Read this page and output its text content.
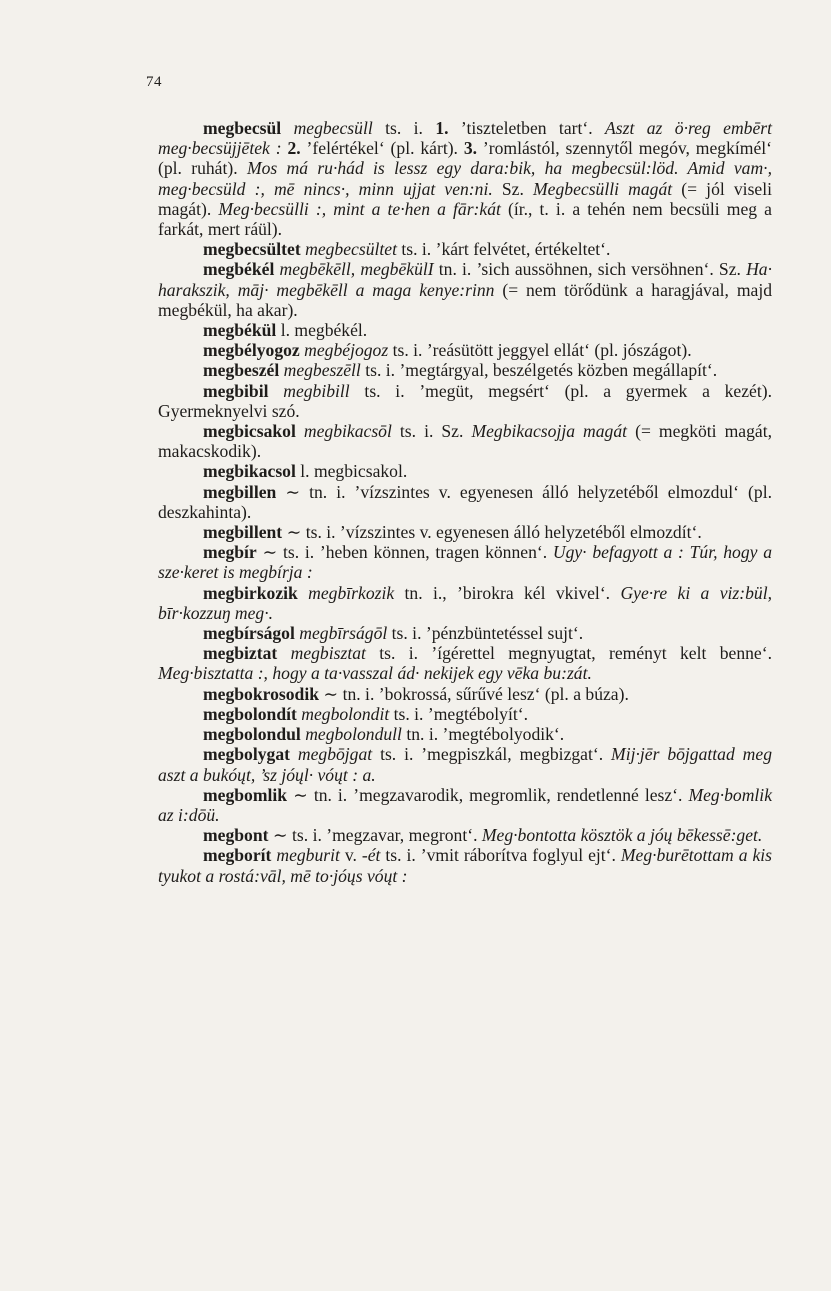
74

megbecsül megbecsüll ts. i. 1. ’tiszteletben tart‘. Aszt az ö·reg embērt meg·becsüjjētek : 2. ’felértékel‘ (pl. kárt). 3. ’romlástól, szennytől megóv, megkímél‘ (pl. ruhát). Mos má ru·hád is lessz egy dara:bik, ha megbecsül:löd. Amid vam·, meg·becsüld :, mē nincs·, minn ujjat ven:ni. Sz. Megbecsülli magát (= jól viseli magát). Meg·becsülli :, mint a te·hen a fār:kát (ír., t. i. a tehén nem becsüli meg a farkát, mert ráül).

megbecsültet megbecsültet ts. i. ’kárt felvétet, értékeltet‘.

megbékél megbēkēll, megbēkülI tn. i. ’sich aussöhnen, sich versöhnen‘. Sz. Ha· harakszik, māj· megbēkēll a maga kenye:rinn (= nem törődünk a haragjával, majd megbékül, ha akar).

megbékül l. megbékél.

megbélyogoz megbéjogoz ts. i. ’reásütött jeggyel ellát‘ (pl. jószágot).

megbeszél megbeszēll ts. i. ’megtárgyal, beszélgetés közben megállapít‘.

megbibil megbibill ts. i. ’megüt, megsért‘ (pl. a gyermek a kezét). Gyermeknyelvi szó.

megbicsakol megbikacsōl ts. i. Sz. Megbikacsojja magát (= megköti magát, makacskodik).

megbikacsol l. megbicsakol.

megbillen ∼ tn. i. ’vízszintes v. egyenesen álló helyzetéből elmozdul‘ (pl. deszkahinta).

megbillent ∼ ts. i. ’vízszintes v. egyenesen álló helyzetéből elmozdít‘.

megbír ∼ ts. i. ’heben können, tragen können‘. Ugy· befagyott a : Túr, hogy a sze·keret is megbírja :

megbirkozik megbīrkozik tn. i., ’birokra kél vkivel‘. Gye·re ki a viz:bül, bīr·kozzuŋ meg·.

megbírságol megbīrságōl ts. i. ’pénzbüntetéssel sujt‘.

megbiztat megbisztat ts. i. ’ígérettel megnyugtat, reményt kelt benne‘. Meg·bisztatta :, hogy a ta·vasszal ád· nekijek egy vēka bu:zát.

megbokrosodik ∼ tn. i. ’bokrossá, sűrűvé lesz‘ (pl. a búza).

megbolondít megbolondit ts. i. ’megtébolyít‘.

megbolondul megbolondull tn. i. ’megtébolyodik‘.

megbolygat megbōjgat ts. i. ’megpiszkál, megbizgat‘. Mij·jēr bōjgattad meg aszt a bukóųt, ’sz jóųl· vóųt : a.

megbomlik ∼ tn. i. ’megzavarodik, megromlik, rendetlenné lesz‘. Meg·bomlik az i:dōü.

megbont ∼ ts. i. ’megzavar, megront‘. Meg·bontotta kösztök a jóų bēkessē:get.

megborít megburit v. -ét ts. i. ’vmit ráborítva foglyul ejt‘. Meg·burētottam a kis tyukot a rostá:vāl, mē to·jóųs vóųt :
